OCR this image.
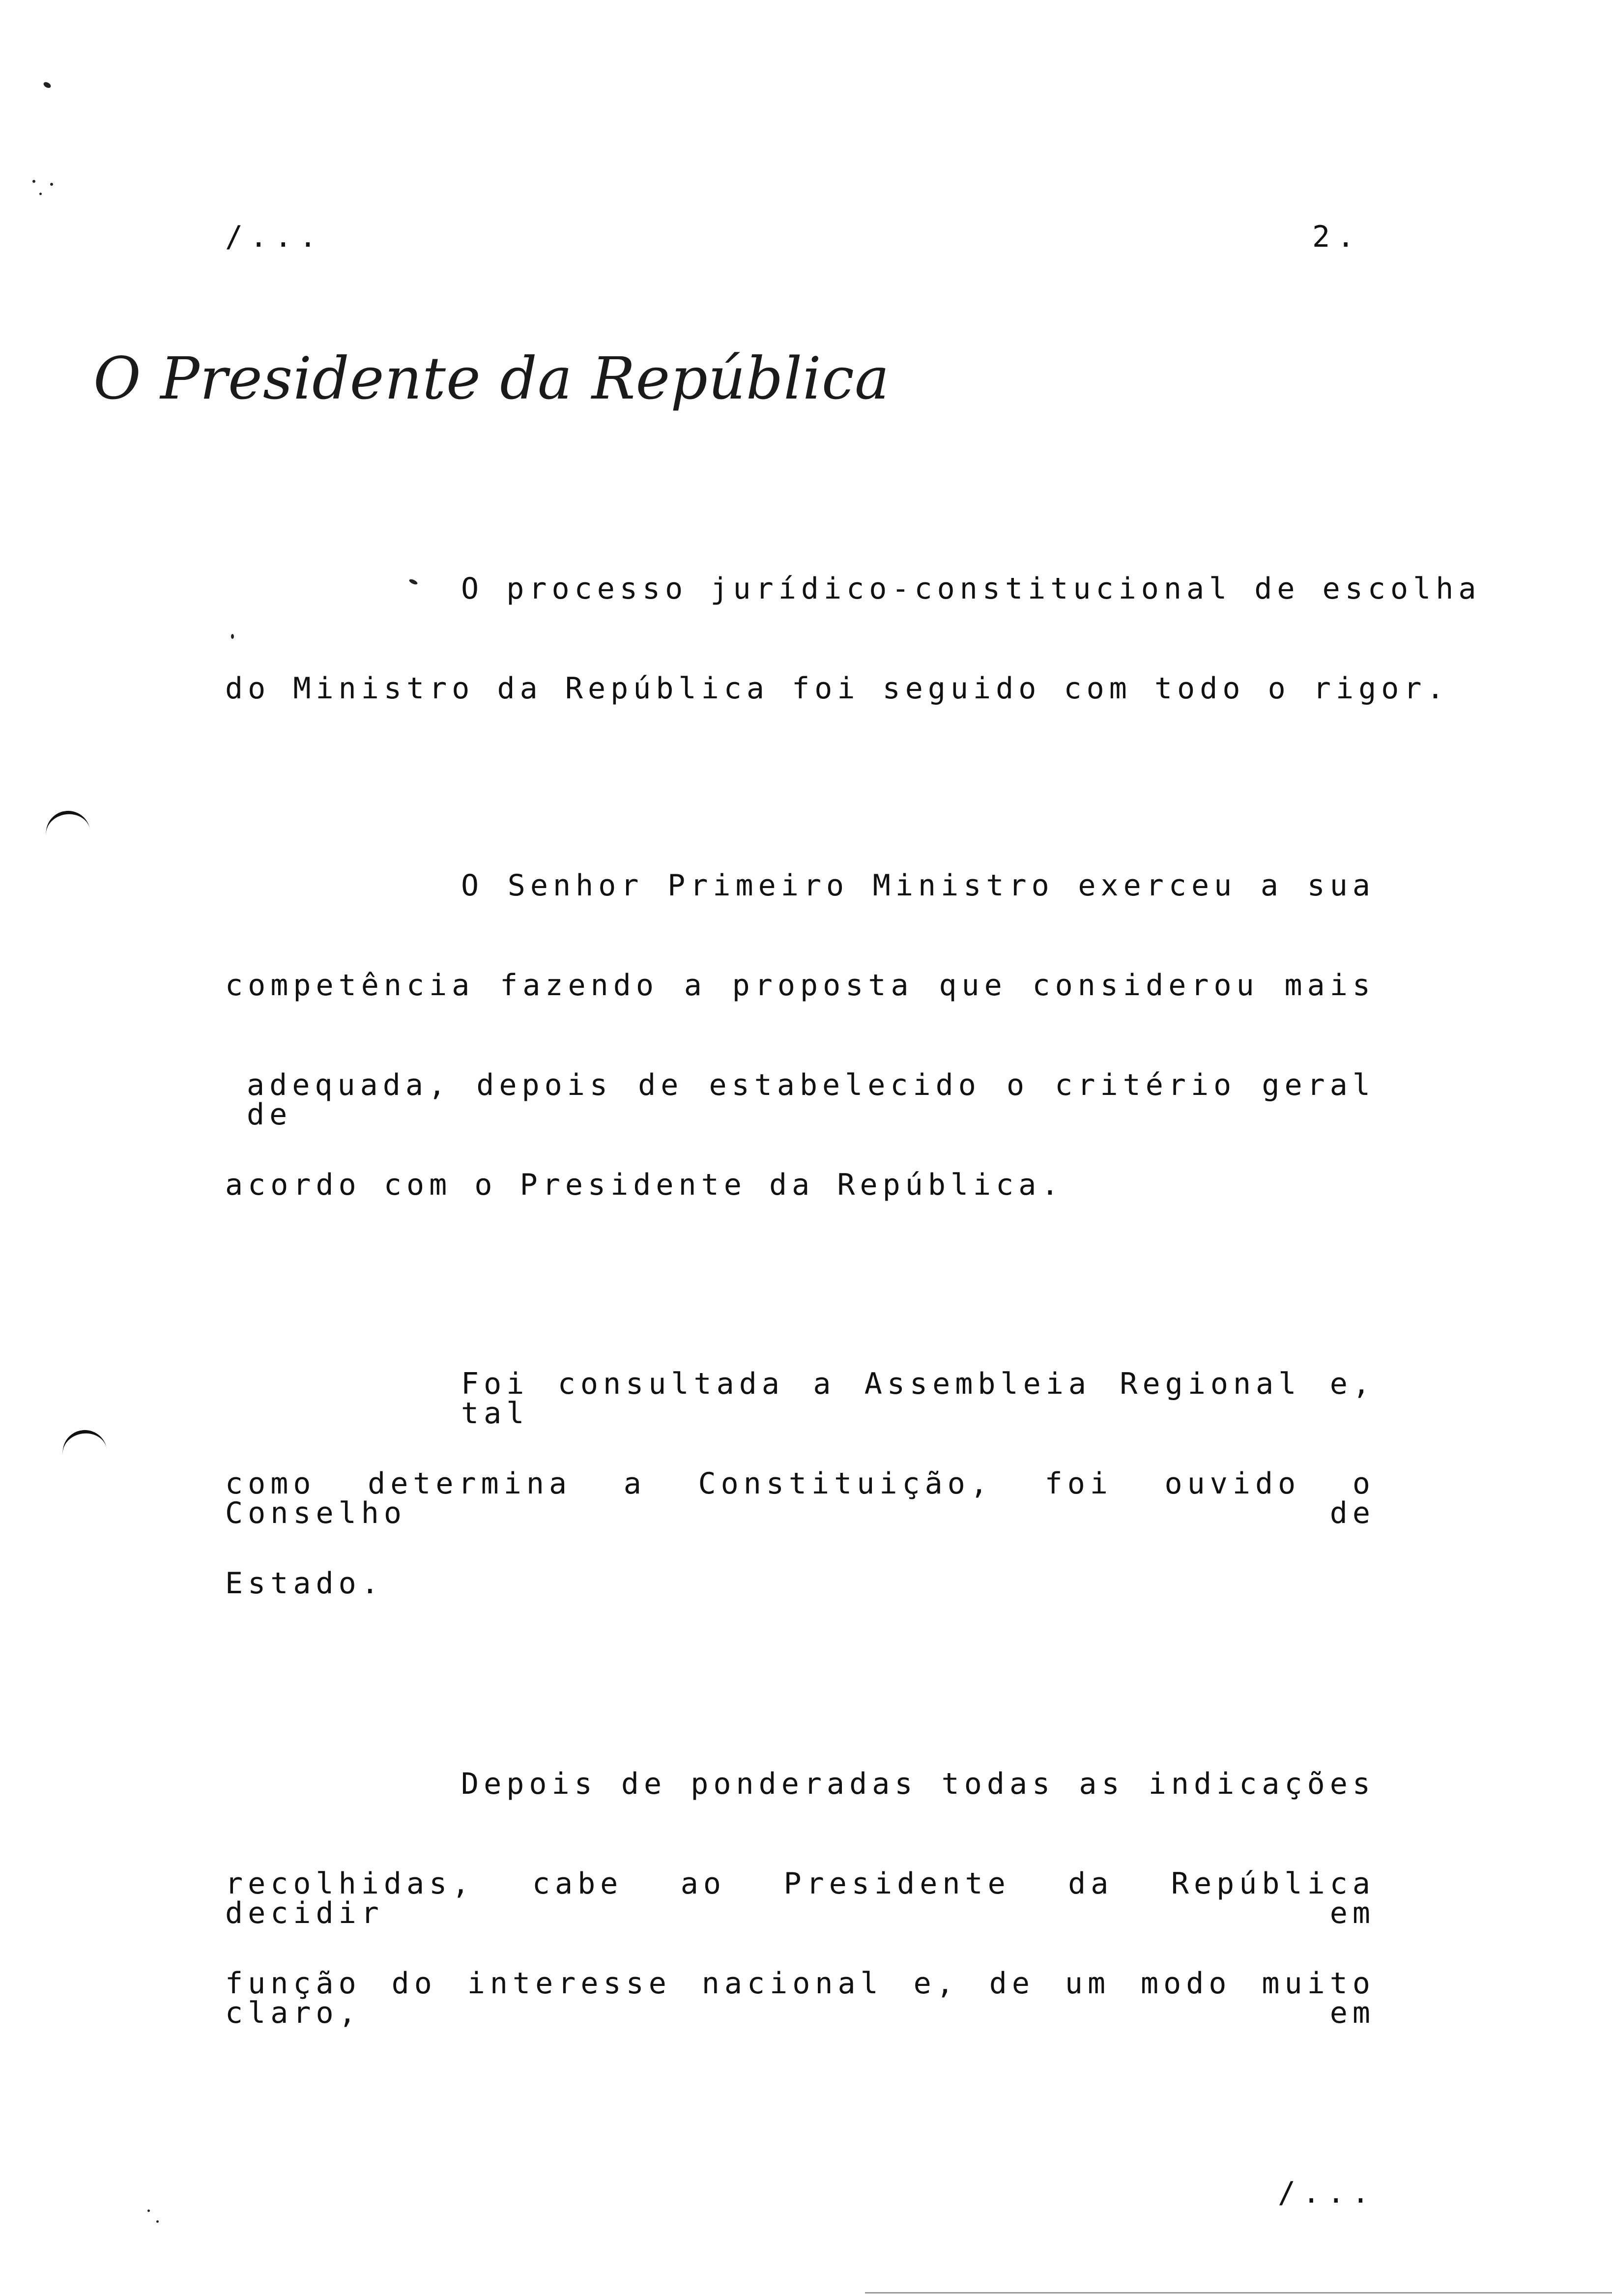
/...	2.
O Presidente da República
O processo jurídico-constitucional de escolha
do Ministro da República foi seguido com todo o rigor.
O Senhor Primeiro Ministro exerceu a sua
competência fazendo a proposta que considerou mais
adequada, depois de estabelecido o critério geral de
acordo com o Presidente da República.
Foi consultada a Assembleia Regional e, tal
como determina a Constituição, foi ouvido o Conselho de
Estado.
Depois de ponderadas todas as indicações
recolhidas, cabe ao Presidente da República decidir em
função do interesse nacional e, de um modo muito claro, em
/...
